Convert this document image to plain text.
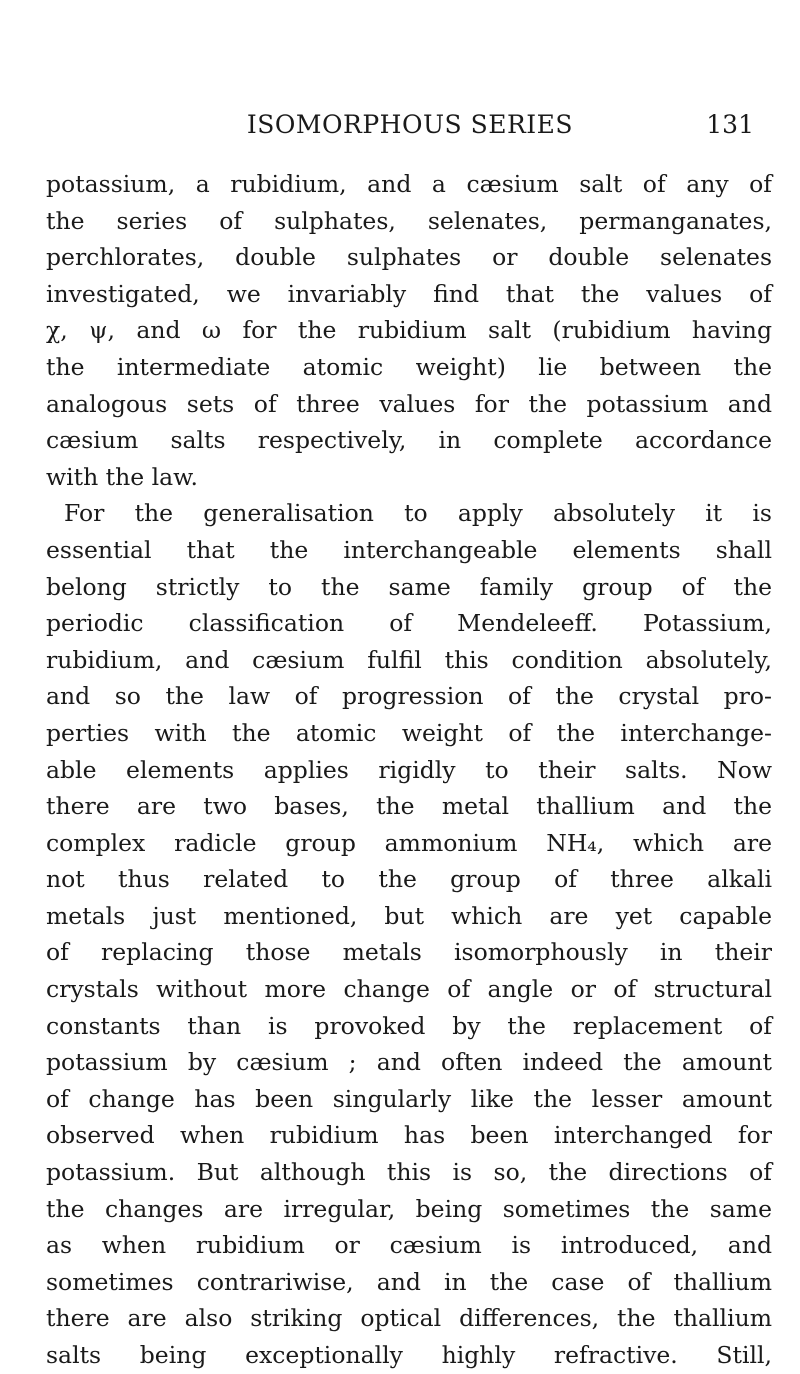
ISOMORPHOUS SERIES	131
potassium, a rubidium, and a cæsium salt of any of
the series of sulphates, selenates, permanganates,
perchlorates, double sulphates or double selenates
investigated, we invariably find that the values of
χ, ψ, and ω for the rubidium salt (rubidium having
the intermediate atomic weight) lie between the
analogous sets of three values for the potassium and
cæsium salts respectively, in complete accordance
with the law.
For the generalisation to apply absolutely it is
essential that the interchangeable elements shall
belong strictly to the same family group of the
periodic classification of Mendeleeff. Potassium,
rubidium, and cæsium fulfil this condition absolutely,
and so the law of progression of the crystal pro-
perties with the atomic weight of the interchange-
able elements applies rigidly to their salts. Now
there are two bases, the metal thallium and the
complex radicle group ammonium NH₄, which are
not thus related to the group of three alkali
metals just mentioned, but which are yet capable
of replacing those metals isomorphously in their
crystals without more change of angle or of structural
constants than is provoked by the replacement of
potassium by cæsium ; and often indeed the amount
of change has been singularly like the lesser amount
observed when rubidium has been interchanged for
potassium. But although this is so, the directions of
the changes are irregular, being sometimes the same
as when rubidium or cæsium is introduced, and
sometimes contrariwise, and in the case of thallium
there are also striking optical differences, the thallium
salts being exceptionally highly refractive. Still,
